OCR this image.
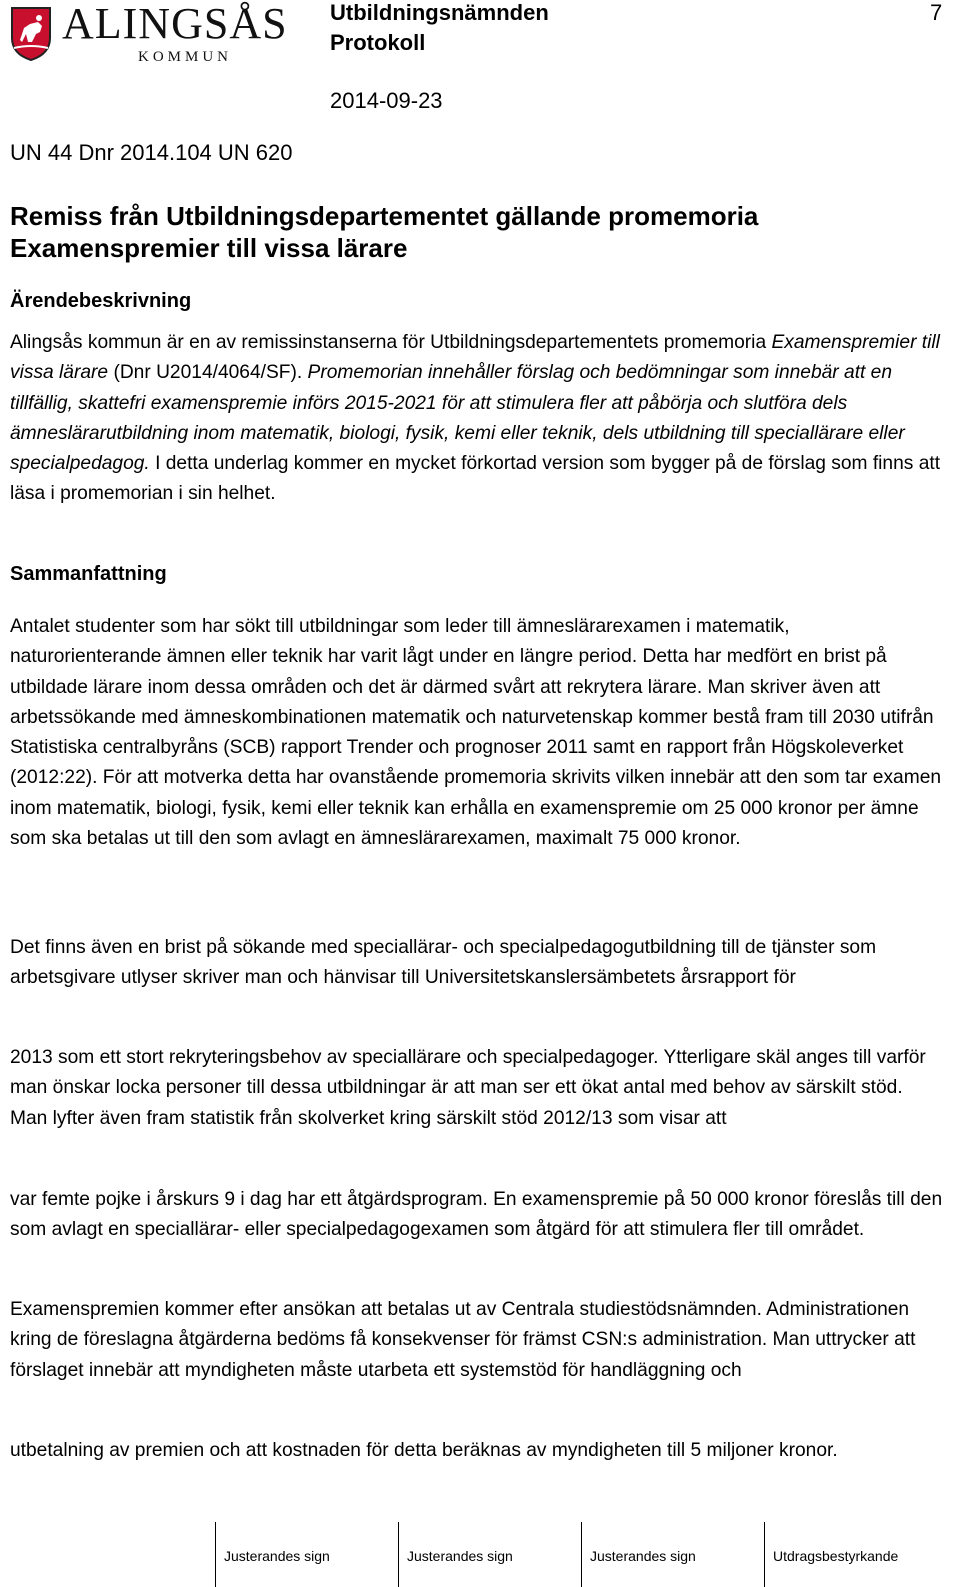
ALINGSÅS
KOMMUN
Utbildningsnämnden
Protokoll
7
2014-09-23
UN 44 Dnr 2014.104 UN 620
Remiss från Utbildningsdepartementet gällande promemoria Examenspremier till vissa lärare
Ärendebeskrivning

Alingsås kommun är en av remissinstanserna för Utbildningsdepartementets promemoria Examenspremier till vissa lärare (Dnr U2014/4064/SF). Promemorian innehåller förslag och bedömningar som innebär att en tillfällig, skattefri examenspremie införs 2015-2021 för att stimulera fler att påbörja och slutföra dels ämneslärarutbildning inom matematik, biologi, fysik, kemi eller teknik, dels utbildning till speciallärare eller specialpedagog. I detta underlag kommer en mycket förkortad version som bygger på de förslag som finns att läsa i promemorian i sin helhet.

Sammanfattning

Antalet studenter som har sökt till utbildningar som leder till ämneslärarexamen i matematik, naturorienterande ämnen eller teknik har varit lågt under en längre period. Detta har medfört en brist på utbildade lärare inom dessa områden och det är därmed svårt att rekrytera lärare. Man skriver även att arbetssökande med ämneskombinationen matematik och naturvetenskap kommer bestå fram till 2030 utifrån Statistiska centralbyråns (SCB) rapport Trender och prognoser 2011 samt en rapport från Högskoleverket (2012:22). För att motverka detta har ovanstående promemoria skrivits vilken innebär att den som tar examen inom matematik, biologi, fysik, kemi eller teknik kan erhålla en examenspremie om 25 000 kronor per ämne som ska betalas ut till den som avlagt en ämneslärarexamen, maximalt 75 000 kronor.

Det finns även en brist på sökande med speciallärar- och specialpedagogutbildning till de tjänster som arbetsgivare utlyser skriver man och hänvisar till Universitetskanslersämbetets årsrapport för

2013 som ett stort rekryteringsbehov av speciallärare och specialpedagoger. Ytterligare skäl anges till varför man önskar locka personer till dessa utbildningar är att man ser ett ökat antal med behov av särskilt stöd. Man lyfter även fram statistik från skolverket kring särskilt stöd 2012/13 som visar att

var femte pojke i årskurs 9 i dag har ett åtgärdsprogram. En examenspremie på 50 000 kronor föreslås till den som avlagt en speciallärar- eller specialpedagogexamen som åtgärd för att stimulera fler till området.

Examenspremien kommer efter ansökan att betalas ut av Centrala studiestödsnämnden. Administrationen kring de föreslagna åtgärderna bedöms få konsekvenser för främst CSN:s administration. Man uttrycker att förslaget innebär att myndigheten måste utarbeta ett systemstöd för handläggning och

utbetalning av premien och att kostnaden för detta beräknas av myndigheten till 5 miljoner kronor.

Justerandes sign	Justerandes sign	Justerandes sign	Utdragsbestyrkande
